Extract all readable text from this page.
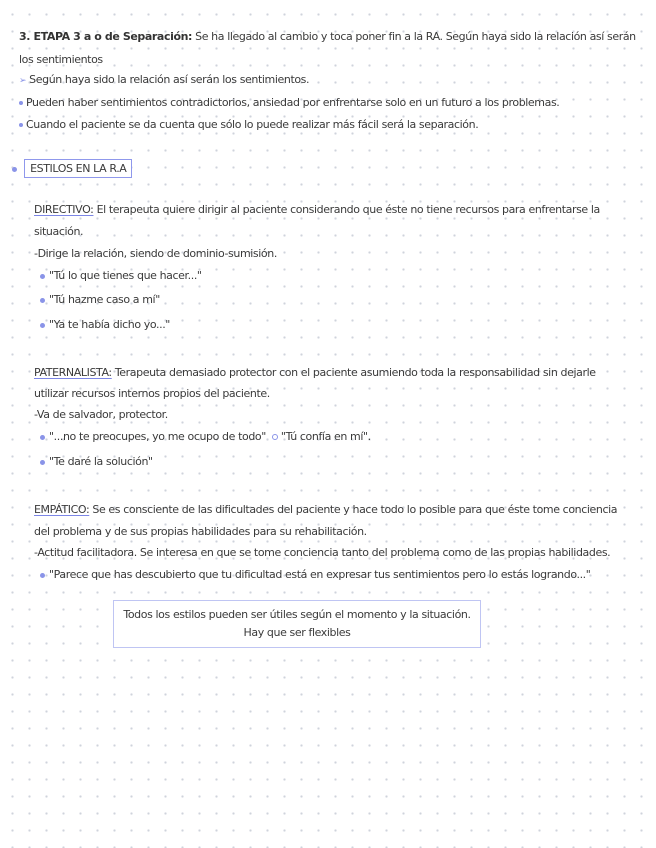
3. ETAPA 3 a o de Separación: Se ha llegado al cambio y toca poner fin a la RA. Según haya sido la relación así serán
los sentimientos
➢ Según haya sido la relación así serán los sentimientos.
Pueden haber sentimientos contradictorios, ansiedad por enfrentarse solo en un futuro a los problemas.
Cuando el paciente se da cuenta que sólo lo puede realizar más fácil será la separación.
ESTILOS EN LA R.A
DIRECTIVO: El terapeuta quiere dirigir al paciente considerando que éste no tiene recursos para enfrentarse la
situación.
-Dirige la relación, siendo de dominio-sumisión.
"Tú lo que tienes que hacer..."
"Tú hazme caso a mí"
"Ya te había dicho yo..."
PATERNALISTA: Terapeuta demasiado protector con el paciente asumiendo toda la responsabilidad sin dejarle
utilizar recursos internos propios del paciente.
-Va de salvador, protector.
"...no te preocupes, yo me ocupo de todo" "Tú confía en mí".
"Te daré la solución"
EMPÁTICO: Se es consciente de las dificultades del paciente y hace todo lo posible para que éste tome conciencia
del problema y de sus propias habilidades para su rehabilitación.
-Actitud facilitadora. Se interesa en que se tome conciencia tanto del problema como de las propias habilidades.
"Parece que has descubierto que tu dificultad está en expresar tus sentimientos pero lo estás logrando..."
Todos los estilos pueden ser útiles según el momento y la situación.
Hay que ser flexibles
